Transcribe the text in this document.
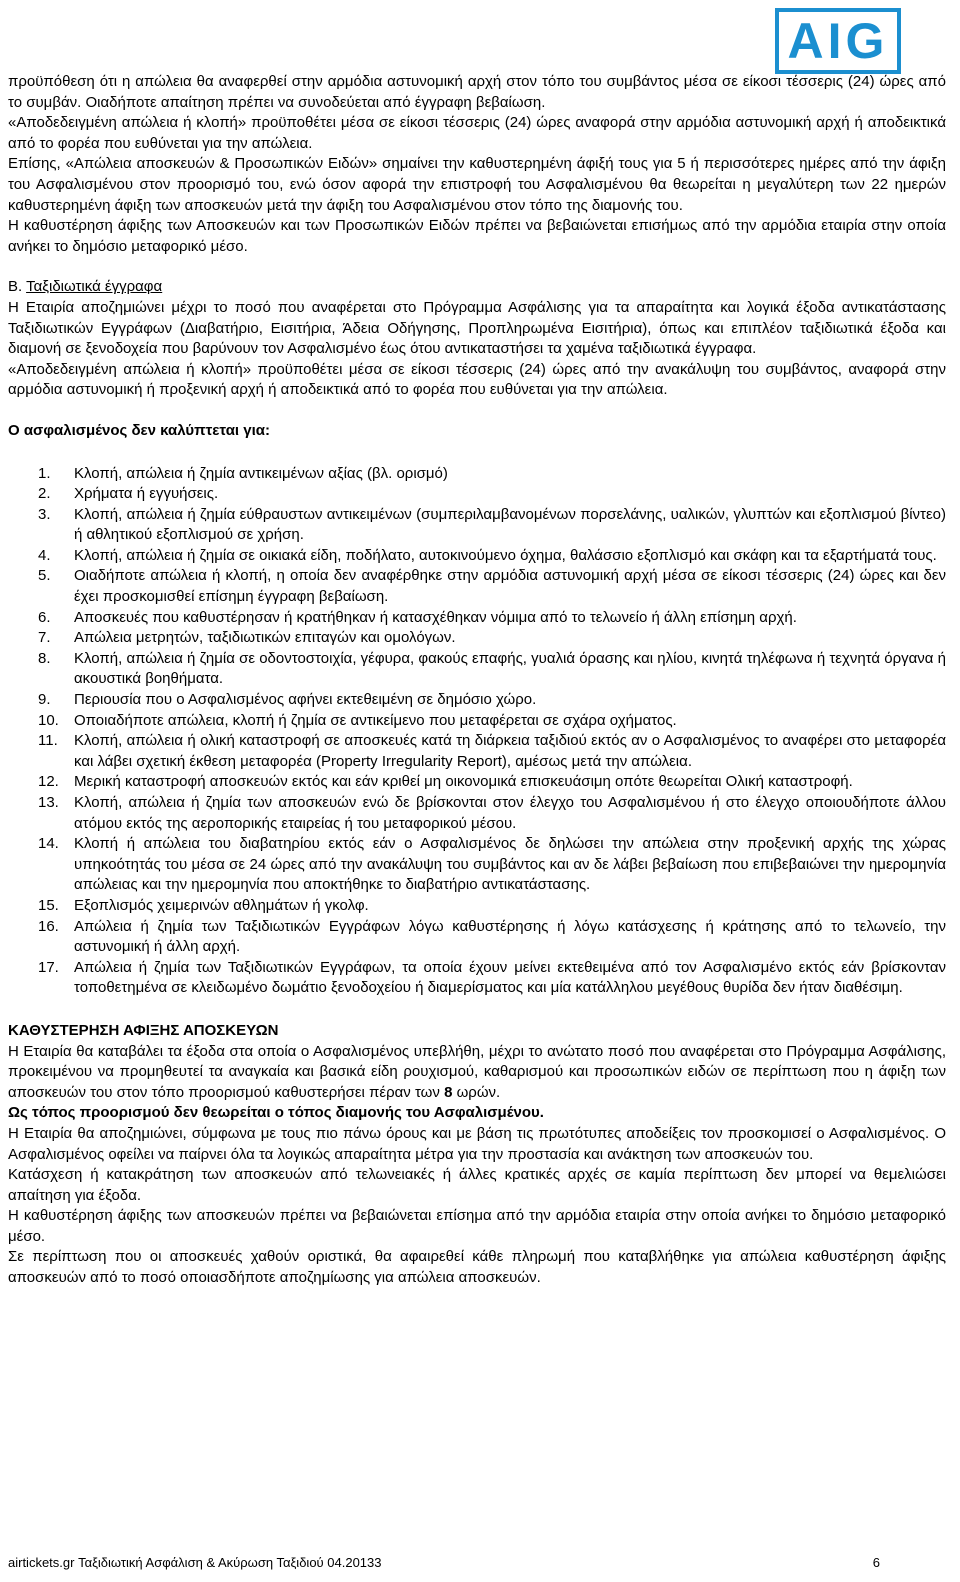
AIG

προϋπόθεση ότι η απώλεια θα αναφερθεί στην αρμόδια αστυνομική αρχή στον τόπο του συμβάντος μέσα σε είκοσι τέσσερις (24) ώρες από το συμβάν. Οιαδήποτε απαίτηση πρέπει να συνοδεύεται από έγγραφη βεβαίωση.

«Αποδεδειγμένη απώλεια ή κλοπή» προϋποθέτει μέσα σε είκοσι τέσσερις (24) ώρες αναφορά στην αρμόδια αστυνομική αρχή ή αποδεικτικά από το φορέα που ευθύνεται για την απώλεια.

Επίσης, «Απώλεια αποσκευών & Προσωπικών Ειδών» σημαίνει την καθυστερημένη άφιξή τους για 5 ή περισσότερες ημέρες από την άφιξη του Ασφαλισμένου στον προορισμό του, ενώ όσον αφορά την επιστροφή του Ασφαλισμένου θα θεωρείται η μεγαλύτερη των 22 ημερών καθυστερημένη άφιξη των αποσκευών μετά την άφιξη του Ασφαλισμένου στον τόπο της διαμονής του.

Η καθυστέρηση άφιξης των Αποσκευών και των Προσωπικών Ειδών πρέπει να βεβαιώνεται επισήμως από την αρμόδια εταιρία στην οποία ανήκει το δημόσιο μεταφορικό μέσο.

Β. Ταξιδιωτικά έγγραφα

Η Εταιρία αποζημιώνει μέχρι το ποσό που αναφέρεται στο Πρόγραμμα Ασφάλισης για τα απαραίτητα και λογικά έξοδα αντικατάστασης Ταξιδιωτικών Εγγράφων (Διαβατήριο, Εισιτήρια, Άδεια Οδήγησης, Προπληρωμένα Εισιτήρια), όπως και επιπλέον ταξιδιωτικά έξοδα και διαμονή σε ξενοδοχεία που βαρύνουν τον Ασφαλισμένο έως ότου αντικαταστήσει τα χαμένα ταξιδιωτικά έγγραφα.

«Αποδεδειγμένη απώλεια ή κλοπή» προϋποθέτει μέσα σε είκοσι τέσσερις (24) ώρες από την ανακάλυψη του συμβάντος, αναφορά στην αρμόδια αστυνομική ή προξενική αρχή ή αποδεικτικά από το φορέα που ευθύνεται για την απώλεια.

Ο ασφαλισμένος δεν καλύπτεται για:

1. Κλοπή, απώλεια ή ζημία αντικειμένων αξίας (βλ. ορισμό)
2. Χρήματα ή εγγυήσεις.
3. Κλοπή, απώλεια ή ζημία εύθραυστων αντικειμένων (συμπεριλαμβανομένων πορσελάνης, υαλικών, γλυπτών και εξοπλισμού βίντεο) ή αθλητικού εξοπλισμού σε χρήση.
4. Κλοπή, απώλεια ή ζημία σε οικιακά είδη, ποδήλατο, αυτοκινούμενο όχημα, θαλάσσιο εξοπλισμό και σκάφη και τα εξαρτήματά τους.
5. Οιαδήποτε απώλεια ή κλοπή, η οποία δεν αναφέρθηκε στην αρμόδια αστυνομική αρχή μέσα σε είκοσι τέσσερις (24) ώρες και δεν έχει προσκομισθεί επίσημη έγγραφη βεβαίωση.
6. Αποσκευές που καθυστέρησαν ή κρατήθηκαν ή κατασχέθηκαν νόμιμα από το τελωνείο ή άλλη επίσημη αρχή.
7. Απώλεια μετρητών, ταξιδιωτικών επιταγών και ομολόγων.
8. Κλοπή, απώλεια ή ζημία σε οδοντοστοιχία, γέφυρα, φακούς επαφής, γυαλιά όρασης και ηλίου, κινητά τηλέφωνα ή τεχνητά όργανα ή ακουστικά βοηθήματα.
9. Περιουσία που ο Ασφαλισμένος αφήνει εκτεθειμένη σε δημόσιο χώρο.
10. Οποιαδήποτε απώλεια, κλοπή ή ζημία σε αντικείμενο που μεταφέρεται σε σχάρα οχήματος.
11. Κλοπή, απώλεια ή ολική καταστροφή σε αποσκευές κατά τη διάρκεια ταξιδιού εκτός αν ο Ασφαλισμένος το αναφέρει στο μεταφορέα και λάβει σχετική έκθεση μεταφορέα (Property Irregularity Report), αμέσως μετά την απώλεια.
12. Μερική καταστροφή αποσκευών εκτός και εάν κριθεί μη οικονομικά επισκευάσιμη οπότε θεωρείται Ολική καταστροφή.
13. Κλοπή, απώλεια ή ζημία των αποσκευών ενώ δε βρίσκονται στον έλεγχο του Ασφαλισμένου ή στο έλεγχο οποιουδήποτε άλλου ατόμου εκτός της αεροπορικής εταιρείας ή του μεταφορικού μέσου.
14. Κλοπή ή απώλεια του διαβατηρίου εκτός εάν ο Ασφαλισμένος δε δηλώσει την απώλεια στην προξενική αρχής της χώρας υπηκοότητάς του μέσα σε 24 ώρες από την ανακάλυψη του συμβάντος και αν δε λάβει βεβαίωση που επιβεβαιώνει την ημερομηνία απώλειας και την ημερομηνία που αποκτήθηκε το διαβατήριο αντικατάστασης.
15. Εξοπλισμός χειμερινών αθλημάτων ή γκολφ.
16. Απώλεια ή ζημία των Ταξιδιωτικών Εγγράφων λόγω καθυστέρησης ή λόγω κατάσχεσης ή κράτησης από το τελωνείο, την αστυνομική ή άλλη αρχή.
17. Απώλεια ή ζημία των Ταξιδιωτικών Εγγράφων, τα οποία έχουν μείνει εκτεθειμένα από τον Ασφαλισμένο εκτός εάν βρίσκονταν τοποθετημένα σε κλειδωμένο δωμάτιο ξενοδοχείου ή διαμερίσματος και μία κατάλληλου μεγέθους θυρίδα δεν ήταν διαθέσιμη.

ΚΑΘΥΣΤΕΡΗΣΗ ΑΦΙΞΗΣ ΑΠΟΣΚΕΥΩΝ

Η Εταιρία θα καταβάλει τα έξοδα στα οποία ο Ασφαλισμένος υπεβλήθη, μέχρι το ανώτατο ποσό που αναφέρεται στο Πρόγραμμα Ασφάλισης, προκειμένου να προμηθευτεί τα αναγκαία και βασικά είδη ρουχισμού, καθαρισμού και προσωπικών ειδών σε περίπτωση που η άφιξη των αποσκευών του στον τόπο προορισμού καθυστερήσει πέραν των 8 ωρών.

Ως τόπος προορισμού δεν θεωρείται ο τόπος διαμονής του Ασφαλισμένου.

Η Εταιρία θα αποζημιώνει, σύμφωνα με τους πιο πάνω όρους και με βάση τις πρωτότυπες αποδείξεις τον προσκομισεί ο Ασφαλισμένος. Ο Ασφαλισμένος οφείλει να παίρνει όλα τα λογικώς απαραίτητα μέτρα για την προστασία και ανάκτηση των αποσκευών του.

Κατάσχεση ή κατακράτηση των αποσκευών από τελωνειακές ή άλλες κρατικές αρχές σε καμία περίπτωση δεν μπορεί να θεμελιώσει απαίτηση για έξοδα.

Η καθυστέρηση άφιξης των αποσκευών πρέπει να βεβαιώνεται επίσημα από την αρμόδια εταιρία στην οποία ανήκει το δημόσιο μεταφορικό μέσο.

Σε περίπτωση που οι αποσκευές χαθούν οριστικά, θα αφαιρεθεί κάθε πληρωμή που καταβλήθηκε για απώλεια καθυστέρηση άφιξης αποσκευών από το ποσό οποιασδήποτε αποζημίωσης για απώλεια αποσκευών.

airtickets.gr Ταξιδιωτική Ασφάλιση & Ακύρωση Ταξιδιού 04.20133	6
